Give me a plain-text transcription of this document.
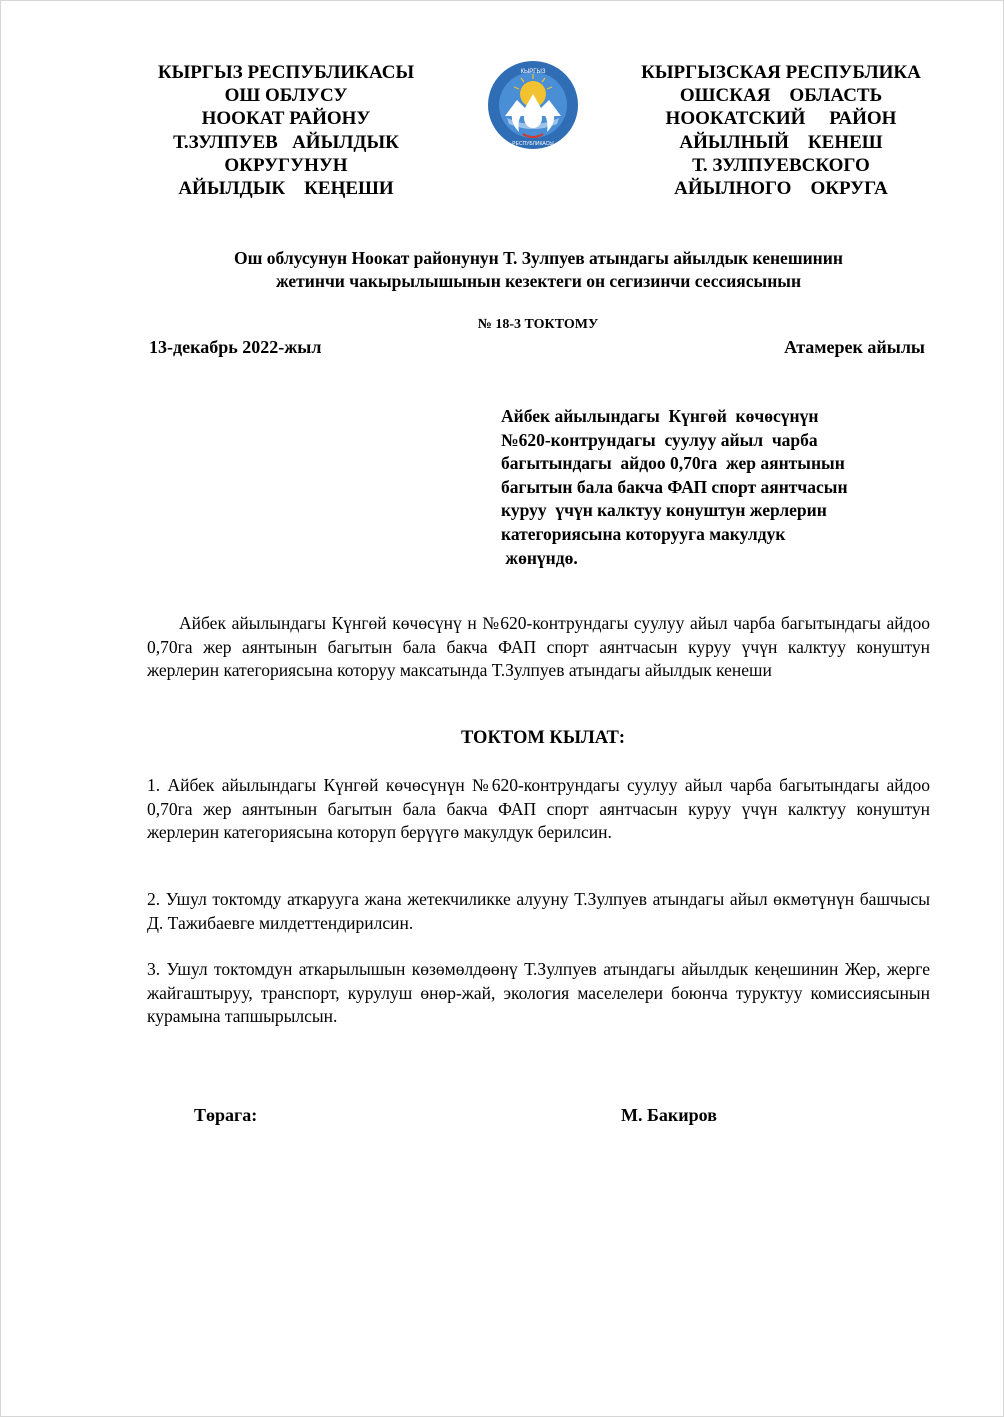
КЫРГЫЗ РЕСПУБЛИКАСЫ
ОШ ОБЛУСУ
НООКАТ РАЙОНУ
Т.ЗУЛПУЕВ   АЙЫЛДЫК
ОКРУГУНУН
АЙЫЛДЫК    КЕҢЕШИ
КЫРГЫЗ
РЕСПУБЛИКАСЫ
КЫРГЫЗСКАЯ РЕСПУБЛИКА
ОШСКАЯ    ОБЛАСТЬ
НООКАТСКИЙ     РАЙОН
АЙЫЛНЫЙ    КЕНЕШ
Т. ЗУЛПУЕВСКОГО
АЙЫЛНОГО    ОКРУГА
Ош облусунун Ноокат районунун Т. Зулпуев атындагы айылдык кенешинин
жетинчи чакырылышынын кезектеги он сегизинчи сессиясынын
№ 18-3 ТОКТОМУ
13-декабрь 2022-жыл	Атамерек айылы
Айбек айылындагы  Күнгөй  көчөсүнүн
№620-контрундагы  суулуу айыл  чарба
багытындагы  айдоо 0,70га  жер аянтынын
багытын бала бакча ФАП спорт аянтчасын
куруу  үчүн калктуу конуштун жерлерин
категориясына которууга макулдук
жөнүндө.
Айбек айылындагы Күнгөй көчөсүнү н №620-контрундагы суулуу айыл чарба багытындагы айдоо 0,70га жер аянтынын багытын бала бакча ФАП спорт аянтчасын куруу үчүн калктуу конуштун жерлерин категориясына которуу максатында Т.Зулпуев атындагы айылдык кенеши
ТОКТОМ КЫЛАТ:
1. Айбек айылындагы Күнгөй көчөсүнүн №620-контрундагы суулуу айыл чарба багытындагы айдоо 0,70га жер аянтынын багытын бала бакча ФАП спорт аянтчасын куруу үчүн калктуу конуштун жерлерин категориясына которуп берүүгө макулдук берилсин.
2. Ушул токтомду аткарууга жана жетекчиликке алууну Т.Зулпуев атындагы айыл өкмөтүнүн башчысы Д. Тажибаевге милдеттендирилсин.
3. Ушул токтомдун аткарылышын көзөмөлдөөнү Т.Зулпуев атындагы айылдык кеңешинин Жер, жерге жайгаштыруу, транспорт, курулуш өнөр-жай, экология маселелери боюнча туруктуу комиссиясынын курамына тапшырылсын.
Төрага:	М. Бакиров
